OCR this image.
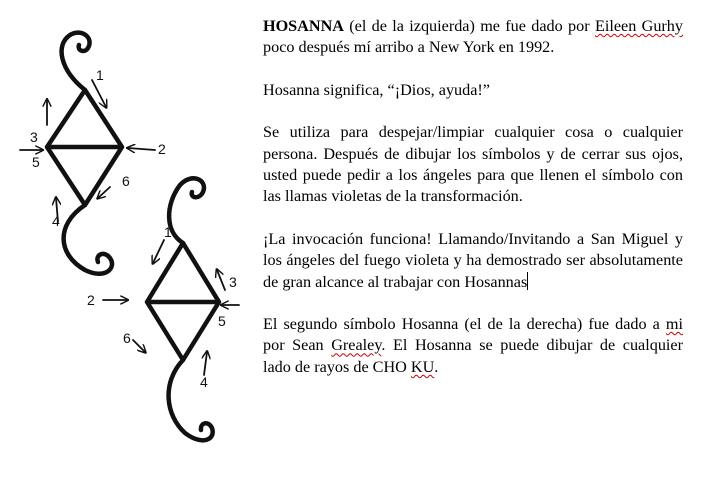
1
2
3
5
6
4
1
3
2
5
6
4

HOSANNA (el de la izquierda) me fue dado por Eileen Gurhy poco después mí arribo a New York en 1992.

Hosanna significa, “¡Dios, ayuda!”

Se utiliza para despejar/limpiar cualquier cosa o cualquier persona. Después de dibujar los símbolos y de cerrar sus ojos, usted puede pedir a los ángeles para que llenen el símbolo con las llamas violetas de la transformación.

¡La invocación funciona! Llamando/Invitando a San Miguel y los ángeles del fuego violeta y ha demostrado ser absolutamente de gran alcance al trabajar con Hosannas

El segundo símbolo Hosanna (el de la derecha) fue dado a mi por Sean Grealey. El Hosanna se puede dibujar de cualquier lado de rayos de CHO KU.
